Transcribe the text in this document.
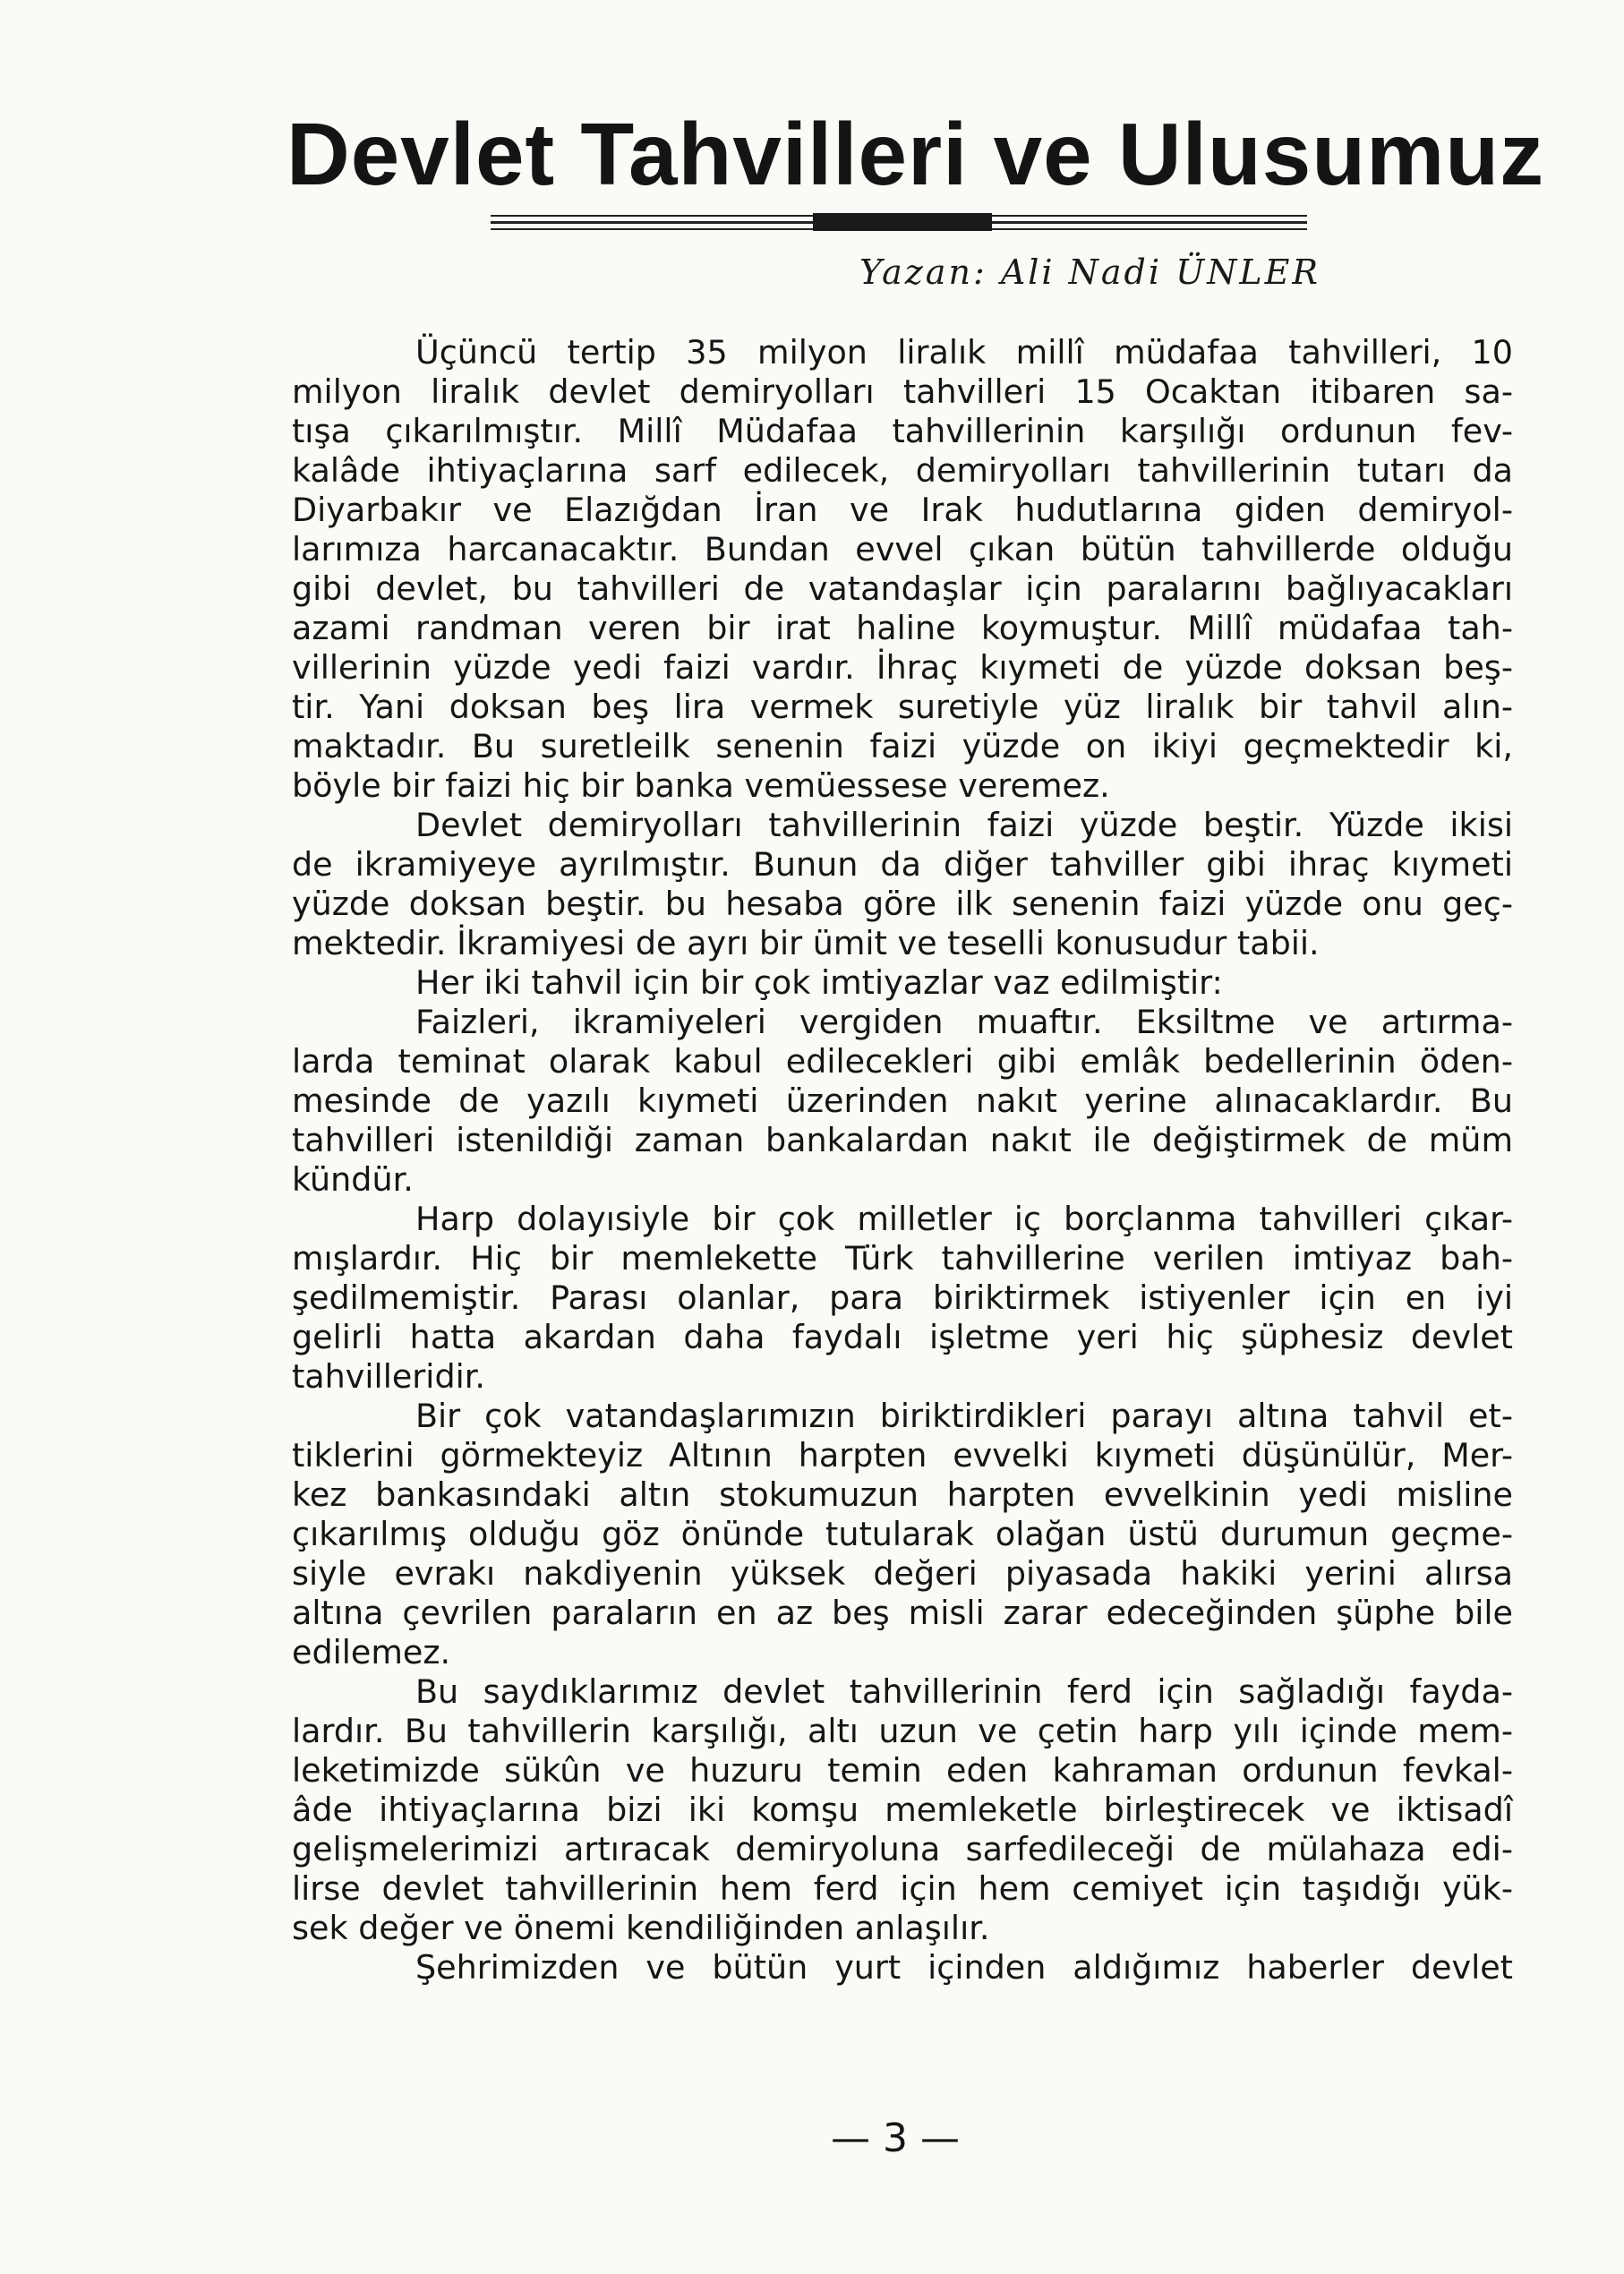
Devlet Tahvilleri ve Ulusumuz
Yazan: Ali Nadi ÜNLER
Üçüncü tertip 35 milyon liralık millî müdafaa tahvilleri, 10
milyon liralık devlet demiryolları tahvilleri 15 Ocaktan itibaren sa-
tışa çıkarılmıştır. Millî Müdafaa tahvillerinin karşılığı ordunun fev-
kalâde ihtiyaçlarına sarf edilecek, demiryolları tahvillerinin tutarı da
Diyarbakır ve Elazığdan İran ve Irak hudutlarına giden demiryol-
larımıza harcanacaktır. Bundan evvel çıkan bütün tahvillerde olduğu
gibi devlet, bu tahvilleri de vatandaşlar için paralarını bağlıyacakları
azami randman veren bir irat haline koymuştur. Millî müdafaa tah-
villerinin yüzde yedi faizi vardır. İhraç kıymeti de yüzde doksan beş-
tir. Yani doksan beş lira vermek suretiyle yüz liralık bir tahvil alın-
maktadır. Bu suretleilk senenin faizi yüzde on ikiyi geçmektedir ki,
böyle bir faizi hiç bir banka vemüessese veremez.
Devlet demiryolları tahvillerinin faizi yüzde beştir. Yüzde ikisi
de ikramiyeye ayrılmıştır. Bunun da diğer tahviller gibi ihraç kıymeti
yüzde doksan beştir. bu hesaba göre ilk senenin faizi yüzde onu geç-
mektedir. İkramiyesi de ayrı bir ümit ve teselli konusudur tabii.
Her iki tahvil için bir çok imtiyazlar vaz edilmiştir:
Faizleri, ikramiyeleri vergiden muaftır. Eksiltme ve artırma-
larda teminat olarak kabul edilecekleri gibi emlâk bedellerinin öden-
mesinde de yazılı kıymeti üzerinden nakıt yerine alınacaklardır. Bu
tahvilleri istenildiği zaman bankalardan nakıt ile değiştirmek de müm
kündür.
Harp dolayısiyle bir çok milletler iç borçlanma tahvilleri çıkar-
mışlardır. Hiç bir memlekette Türk tahvillerine verilen imtiyaz bah-
şedilmemiştir. Parası olanlar, para biriktirmek istiyenler için en iyi
gelirli hatta akardan daha faydalı işletme yeri hiç şüphesiz devlet
tahvilleridir.
Bir çok vatandaşlarımızın biriktirdikleri parayı altına tahvil et-
tiklerini görmekteyiz Altının harpten evvelki kıymeti düşünülür, Mer-
kez bankasındaki altın stokumuzun harpten evvelkinin yedi misline
çıkarılmış olduğu göz önünde tutularak olağan üstü durumun geçme-
siyle evrakı nakdiyenin yüksek değeri piyasada hakiki yerini alırsa
altına çevrilen paraların en az beş misli zarar edeceğinden şüphe bile
edilemez.
Bu saydıklarımız devlet tahvillerinin ferd için sağladığı fayda-
lardır. Bu tahvillerin karşılığı, altı uzun ve çetin harp yılı içinde mem-
leketimizde sükûn ve huzuru temin eden kahraman ordunun fevkal-
âde ihtiyaçlarına bizi iki komşu memleketle birleştirecek ve iktisadî
gelişmelerimizi artıracak demiryoluna sarfedileceği de mülahaza edi-
lirse devlet tahvillerinin hem ferd için hem cemiyet için taşıdığı yük-
sek değer ve önemi kendiliğinden anlaşılır.
Şehrimizden ve bütün yurt içinden aldığımız haberler devlet
— 3 —
